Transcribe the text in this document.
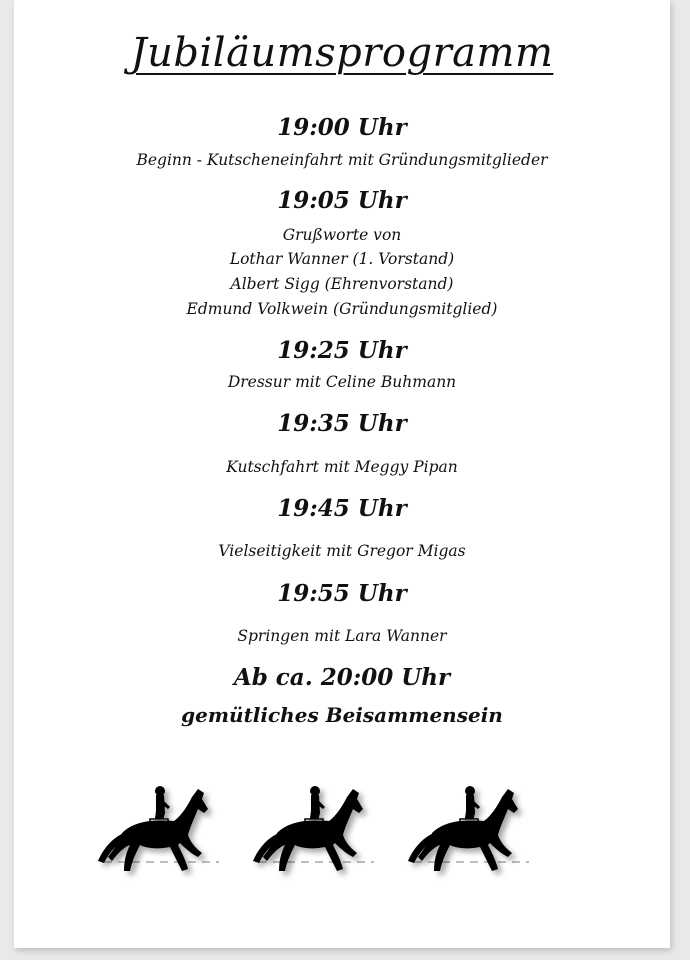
Jubiläumsprogramm
19:00 Uhr
Beginn - Kutscheneinfahrt mit Gründungsmitglieder
19:05 Uhr
Grußworte von
Lothar Wanner (1. Vorstand)
Albert Sigg (Ehrenvorstand)
Edmund Volkwein (Gründungsmitglied)
19:25 Uhr
Dressur mit Celine Buhmann
19:35 Uhr
Kutschfahrt mit Meggy Pipan
19:45 Uhr
Vielseitigkeit mit Gregor Migas
19:55 Uhr
Springen mit Lara Wanner
Ab ca. 20:00 Uhr
gemütliches Beisammensein
